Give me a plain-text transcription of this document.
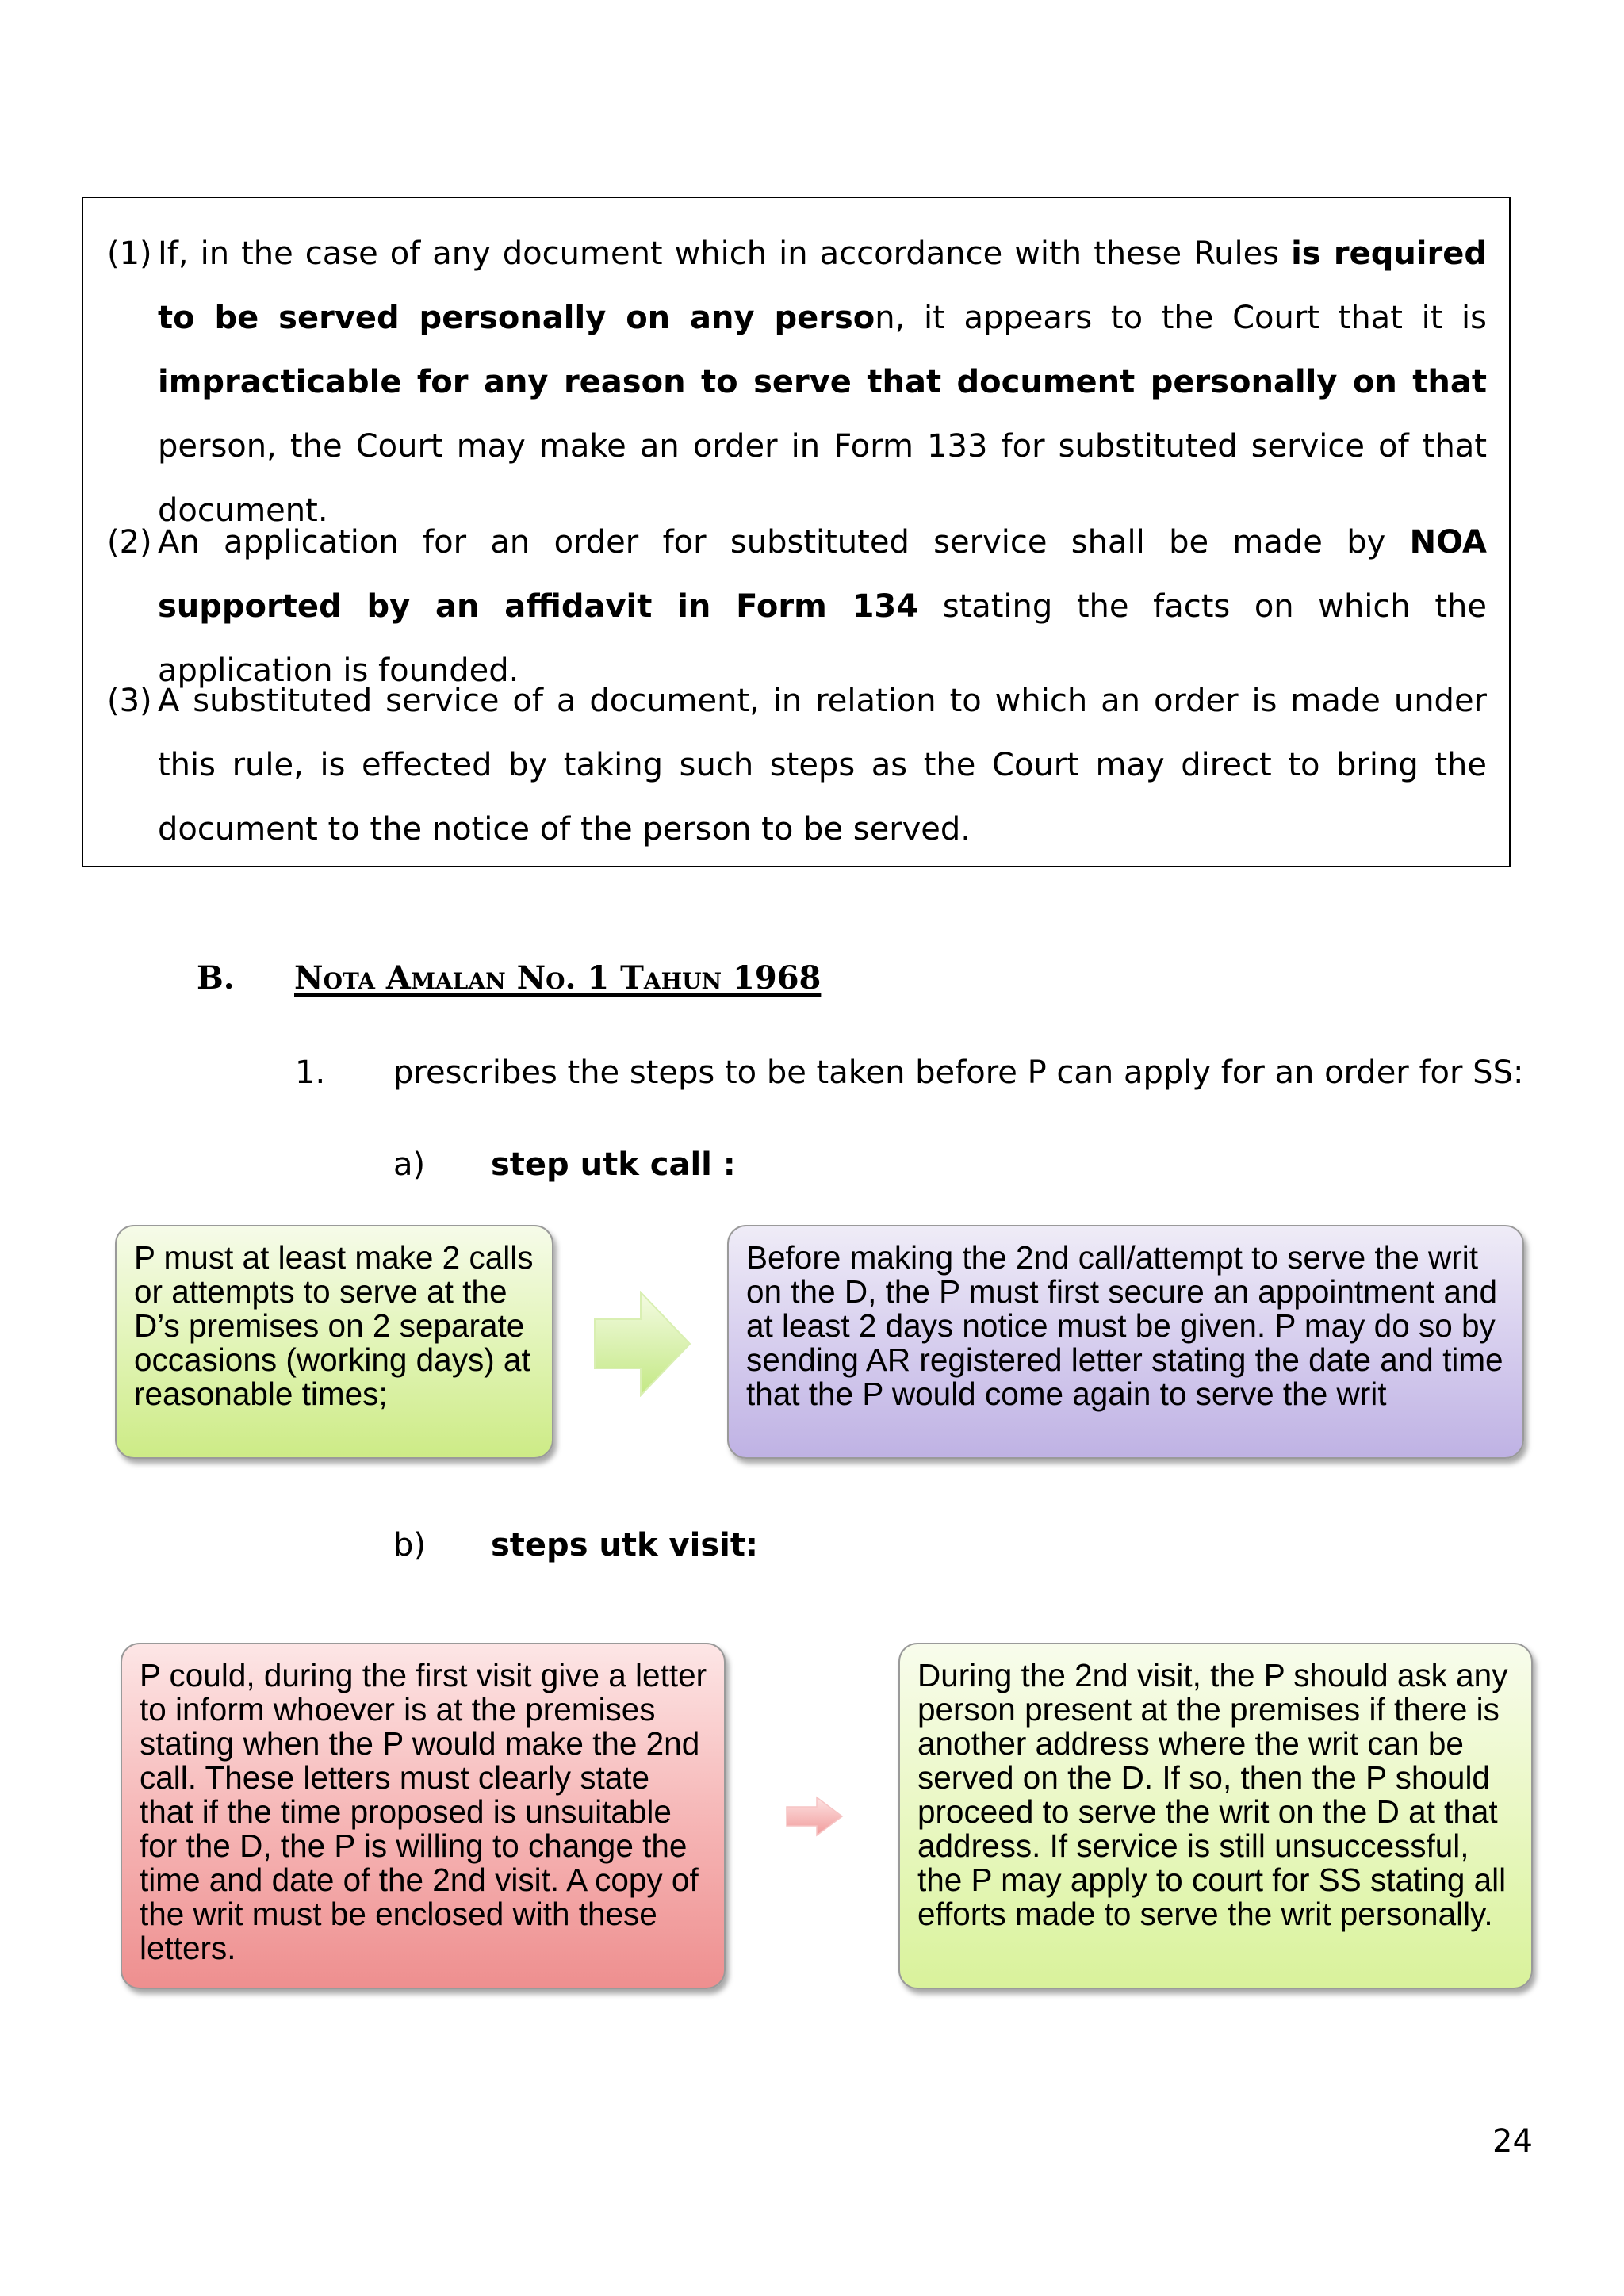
(1) If, in the case of any document which in accordance with these Rules is required to be served personally on any person, it appears to the Court that it is impracticable for any reason to serve that document personally on that person, the Court may make an order in Form 133 for substituted service of that document.
(2) An application for an order for substituted service shall be made by NOA supported by an affidavit in Form 134 stating the facts on which the application is founded.
(3) A substituted service of a document, in relation to which an order is made under this rule, is effected by taking such steps as the Court may direct to bring the document to the notice of the person to be served.
B. Nota Amalan No. 1 Tahun 1968
1. prescribes the steps to be taken before P can apply for an order for SS:
a) step utk call :
P must at least make 2 calls or attempts to serve at the D’s premises on 2 separate occasions (working days) at reasonable times;
Before making the 2nd call/attempt to serve the writ on the D, the P must first secure an appointment and at least 2 days notice must be given. P may do so by sending AR registered letter stating the date and time that the P would come again to serve the writ
b) steps utk visit:
P could, during the first visit give a letter to inform whoever is at the premises stating when the P would make the 2nd call. These letters must clearly state that if the time proposed is unsuitable for the D, the P is willing to change the time and date of the 2nd visit. A copy of the writ must be enclosed with these letters.
During the 2nd visit, the P should ask any person present at the premises if there is another address where the writ can be served on the D. If so, then the P should proceed to serve the writ on the D at that address. If service is still unsuccessful, the P may apply to court for SS stating all efforts made to serve the writ personally.
24
